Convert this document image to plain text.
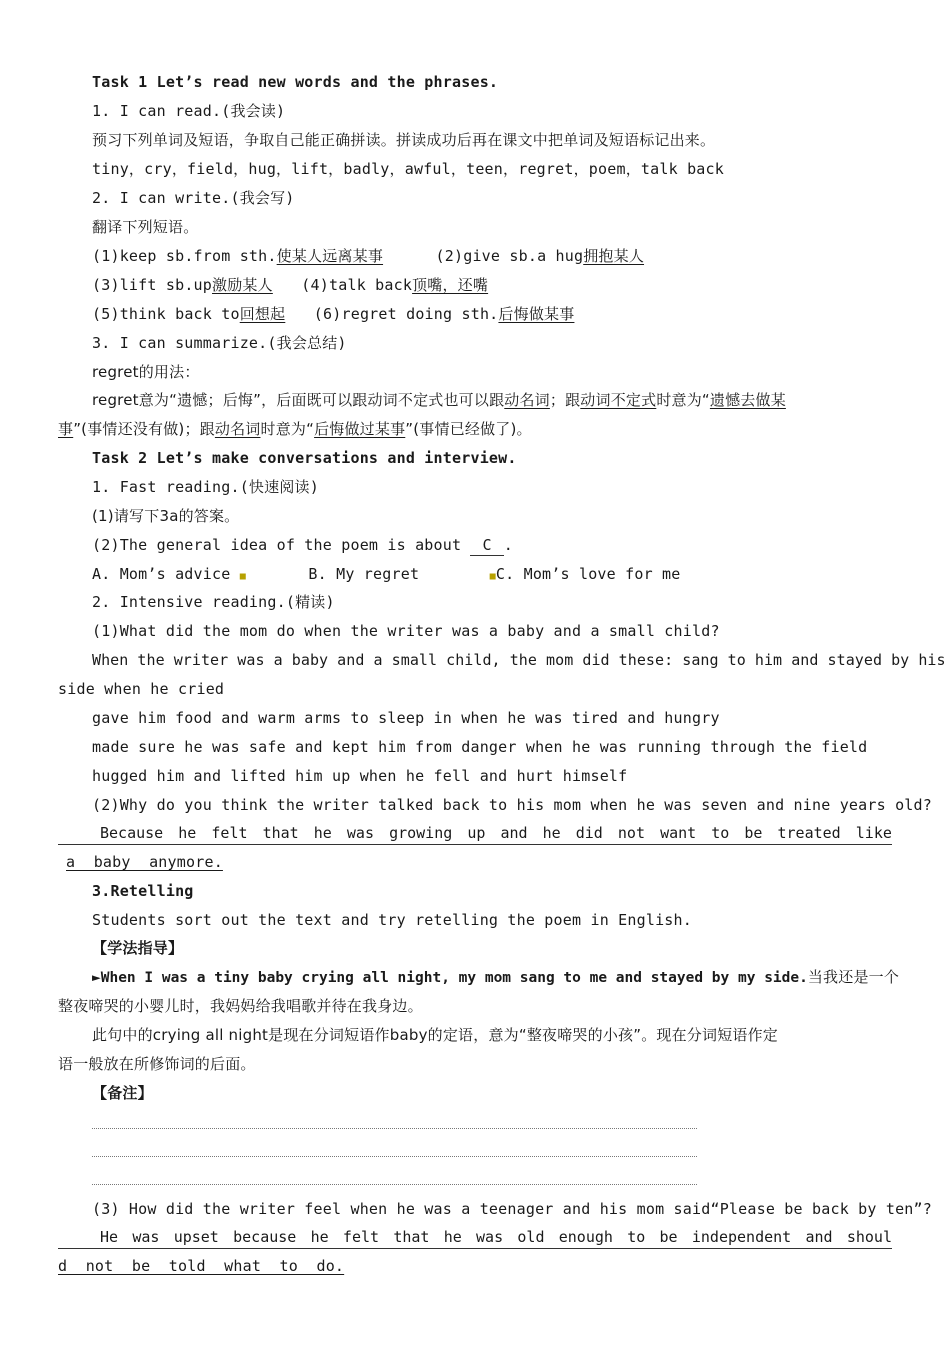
Task 1 Let’s read new words and the phrases.
1. I can read.(我会读)
预习下列单词及短语，争取自己能正确拼读。拼读成功后再在课文中把单词及短语标记出来。
tiny，cry，field，hug，lift，badly，awful，teen，regret，poem，talk back
2. I can write.(我会写)
翻译下列短语。
(1)keep sb.from sth.使某人远离某事	(2)give sb.a hug拥抱某人
(3)lift sb.up激励某人 (4)talk back顶嘴，还嘴
(5)think back to回想起 (6)regret doing sth.后悔做某事
3. I can summarize.(我会总结)
regret的用法：
regret意为“遗憾；后悔”，后面既可以跟动词不定式也可以跟动名词；跟动词不定式时意为“遗憾去做某
事”(事情还没有做)；跟动名词时意为“后悔做过某事”(事情已经做了)。
Task 2 Let’s make conversations and interview.
1. Fast reading.(快速阅读)
(1)请写下3a的答案。
(2)The general idea of the poem is about C .
A. Mom’s advice ■	B. My regret	■C. Mom’s love for me
2. Intensive reading.(精读)
(1)What did the mom do when the writer was a baby and a small child?
When the writer was a baby and a small child, the mom did these: sang to him and stayed by his
side when he cried
gave him food and warm arms to sleep in when he was tired and hungry
made sure he was safe and kept him from danger when he was running through the field
hugged him and lifted him up when he fell and hurt himself
(2)Why do you think the writer talked back to his mom when he was seven and nine years old?
Because he felt that he was growing up and he did not want to be treated like
a  baby  anymore.
3.Retelling
Students sort out the text and try retelling the poem in English.
【学法指导】
►When I was a tiny baby crying all night, my mom sang to me and stayed by my side.当我还是一个
整夜啼哭的小婴儿时，我妈妈给我唱歌并待在我身边。
此句中的crying all night是现在分词短语作baby的定语，意为“整夜啼哭的小孩”。现在分词短语作定
语一般放在所修饰词的后面。
【备注】
(3) How did the writer feel when he was a teenager and his mom said“Please be back by ten”?
He was upset because he felt that he was old enough to be independent and shoul
d  not  be  told  what  to  do.
